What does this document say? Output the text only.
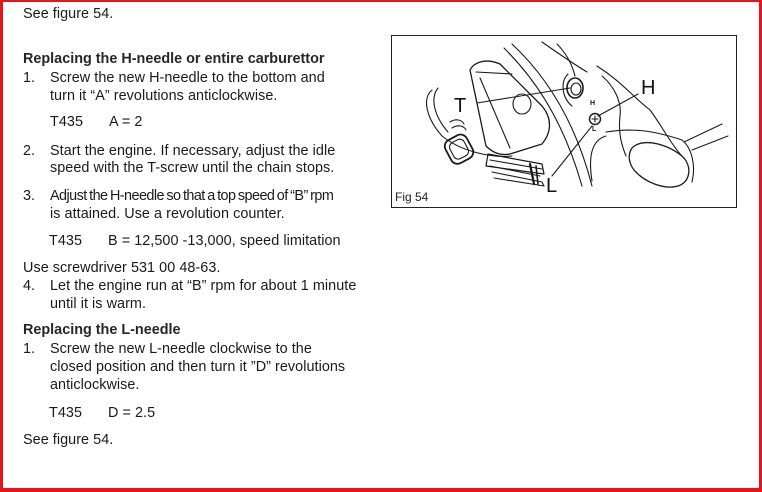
See figure 54.
Replacing the H-needle or entire carburettor
1. Screw the new H-needle to the bottom and
turn it “A” revolutions anticlockwise.
T435 A = 2
2. Start the engine. If necessary, adjust the idle
speed with the T-screw until the chain stops.
3. Adjust the H-needle so that a top speed of “B” rpm
is attained. Use a revolution counter.
T435 B = 12,500 -13,000, speed limitation
Use screwdriver 531 00 48-63.
4. Let the engine run at “B” rpm for about 1 minute
until it is warm.
Replacing the L-needle
1. Screw the new L-needle clockwise to the
closed position and then turn it ”D” revolutions
anticlockwise.
T435 D = 2.5
See figure 54.
T
H
L
H
L
Fig 54
